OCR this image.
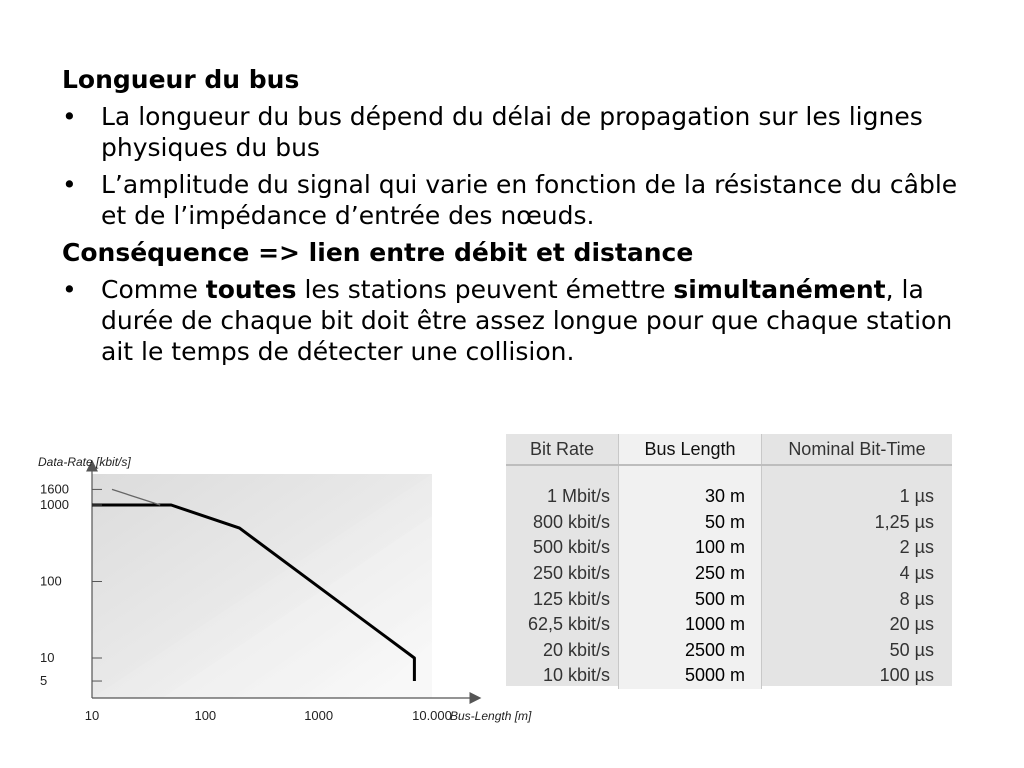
Longueur du bus

• La longueur du bus dépend du délai de propagation sur les lignes physiques du bus
• L’amplitude du signal qui varie en fonction de la résistance du câble et de l’impédance d’entrée des nœuds.

Conséquence => lien entre débit et distance

• Comme toutes les stations peuvent émettre simultanément, la durée de chaque bit doit être assez longue pour que chaque station ait le temps de détecter une collision.
1600
1000
100
10
5
10	100	1000	10.000
Data-Rate [kbit/s]
Bus-Length [m]
Bit Rate	Bus Length	Nominal Bit-Time

1 Mbit/s	30 m	1 µs
800 kbit/s	50 m	1,25 µs
500 kbit/s	100 m	2 µs
250 kbit/s	250 m	4 µs
125 kbit/s	500 m	8 µs
62,5 kbit/s	1000 m	20 µs
20 kbit/s	2500 m	50 µs
10 kbit/s	5000 m	100 µs
